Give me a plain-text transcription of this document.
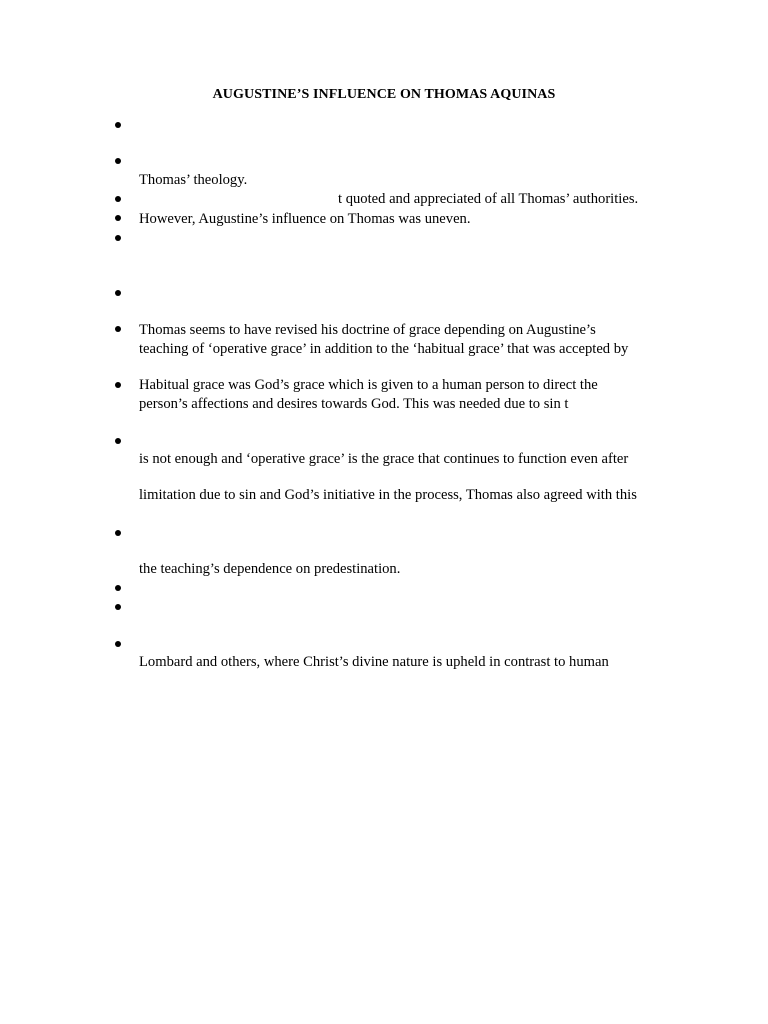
AUGUSTINE’S INFLUENCE ON THOMAS AQUINAS
Thomas’ theology.
t quoted and appreciated of all Thomas’ authorities.
However, Augustine’s influence on Thomas was uneven.
Thomas seems to have revised his doctrine of grace depending on Augustine’s
teaching of ‘operative grace’ in addition to the ‘habitual grace’ that was accepted by
Habitual grace was God’s grace which is given to a human person to direct the
person’s affections and desires towards God. This was needed due to sin t
is not enough and ‘operative grace’ is the grace that continues to function even after
limitation due to sin and God’s initiative in the process, Thomas also agreed with this
the teaching’s dependence on predestination.
Lombard and others, where Christ’s divine nature is upheld in contrast to human
